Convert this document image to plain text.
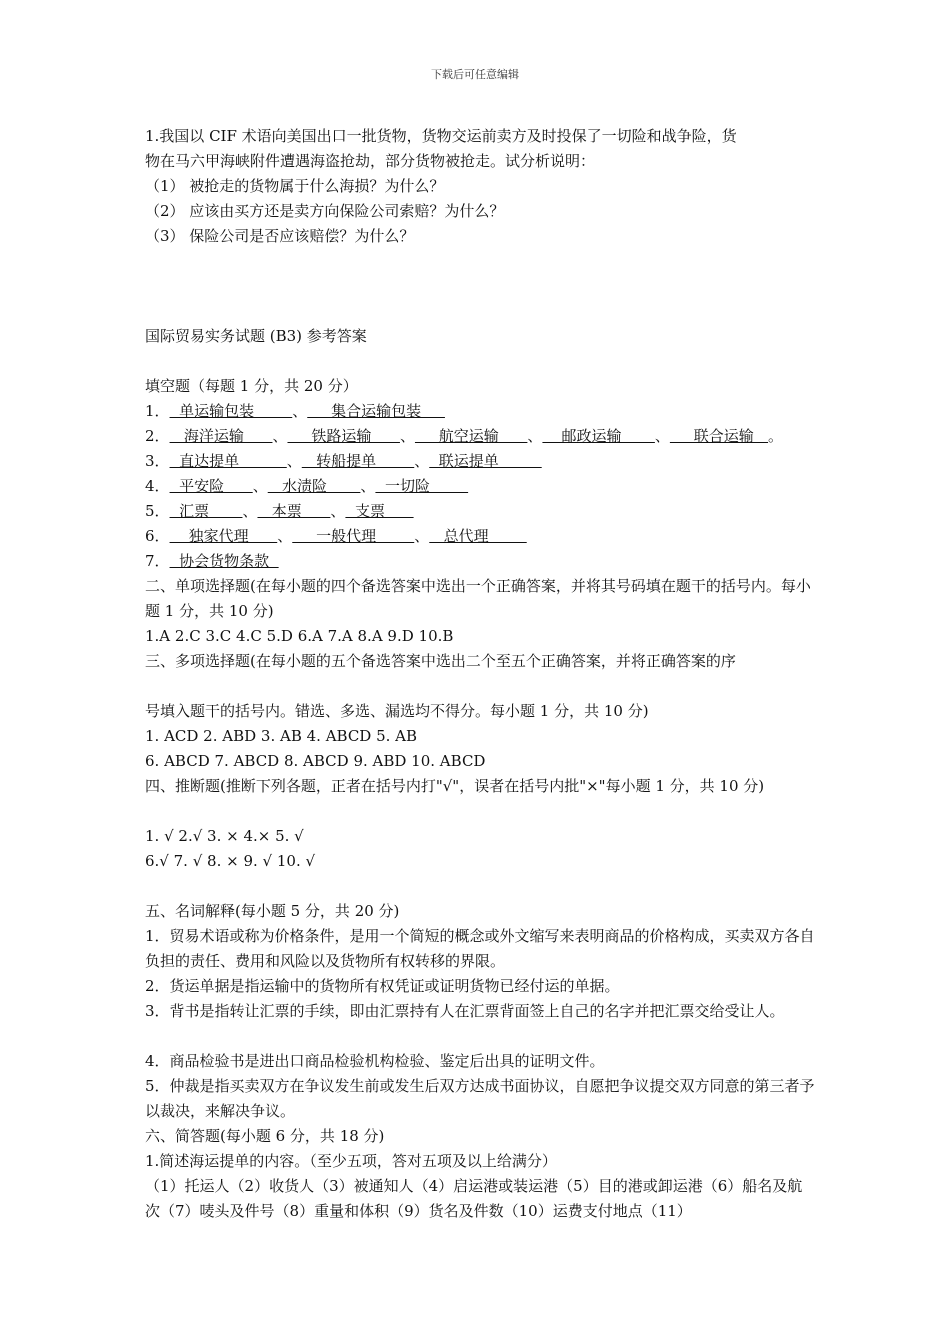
下载后可任意编辑
1.我国以 CIF 术语向美国出口一批货物，货物交运前卖方及时投保了一切险和战争险，货
物在马六甲海峡附件遭遇海盗抢劫，部分货物被抢走。试分析说明：
（1） 被抢走的货物属于什么海损？为什么？
（2） 应该由买方还是卖方向保险公司索赔？为什么？
（3） 保险公司是否应该赔偿？为什么？
国际贸易实务试题 (B3) 参考答案
填空题（每题 1 分，共 20 分）
1．  单运输包装        、     集合运输包装
2．   海洋运输      、     铁路运输      、     航空运输      、    邮政运输       、     联合运输   。
3．  直达提单          、   转船提单        、  联运提单
4．  平安险      、   水渍险       、  一切险
5．  汇票       、   本票      、  支票
6．    独家代理      、     一般代理        、   总代理
7．  协会货物条款
二、单项选择题(在每小题的四个备选答案中选出一个正确答案，并将其号码填在题干的括号内。每小题 1 分，共 10 分)
1.A 2.C 3.C 4.C 5.D 6.A 7.A 8.A 9.D 10.B
三、多项选择题(在每小题的五个备选答案中选出二个至五个正确答案，并将正确答案的序
号填入题干的括号内。错选、多选、漏选均不得分。每小题 1 分，共 10 分)
1. ACD 2. ABD 3. AB 4. ABCD 5. AB
6. ABCD 7. ABCD 8. ABCD 9. ABD 10. ABCD
四、推断题(推断下列各题，正者在括号内打"√"，误者在括号内批"×"每小题 1 分，共 10 分)
1. √ 2.√ 3. × 4.× 5. √
6.√ 7. √ 8. × 9. √ 10. √
五、名词解释(每小题 5 分，共 20 分)
1．贸易术语或称为价格条件，是用一个简短的概念或外文缩写来表明商品的价格构成，买卖双方各自负担的责任、费用和风险以及货物所有权转移的界限。
2．货运单据是指运输中的货物所有权凭证或证明货物已经付运的单据。
3．背书是指转让汇票的手续，即由汇票持有人在汇票背面签上自己的名字并把汇票交给受让人。
4．商品检验书是进出口商品检验机构检验、鉴定后出具的证明文件。
5．仲裁是指买卖双方在争议发生前或发生后双方达成书面协议，自愿把争议提交双方同意的第三者予以裁决，来解决争议。
六、简答题(每小题 6 分，共 18 分)
1.简述海运提单的内容。（至少五项，答对五项及以上给满分）
（1）托运人（2）收货人（3）被通知人（4）启运港或装运港（5）目的港或卸运港（6）船名及航次（7）唛头及件号（8）重量和体积（9）货名及件数（10）运费支付地点（11）
